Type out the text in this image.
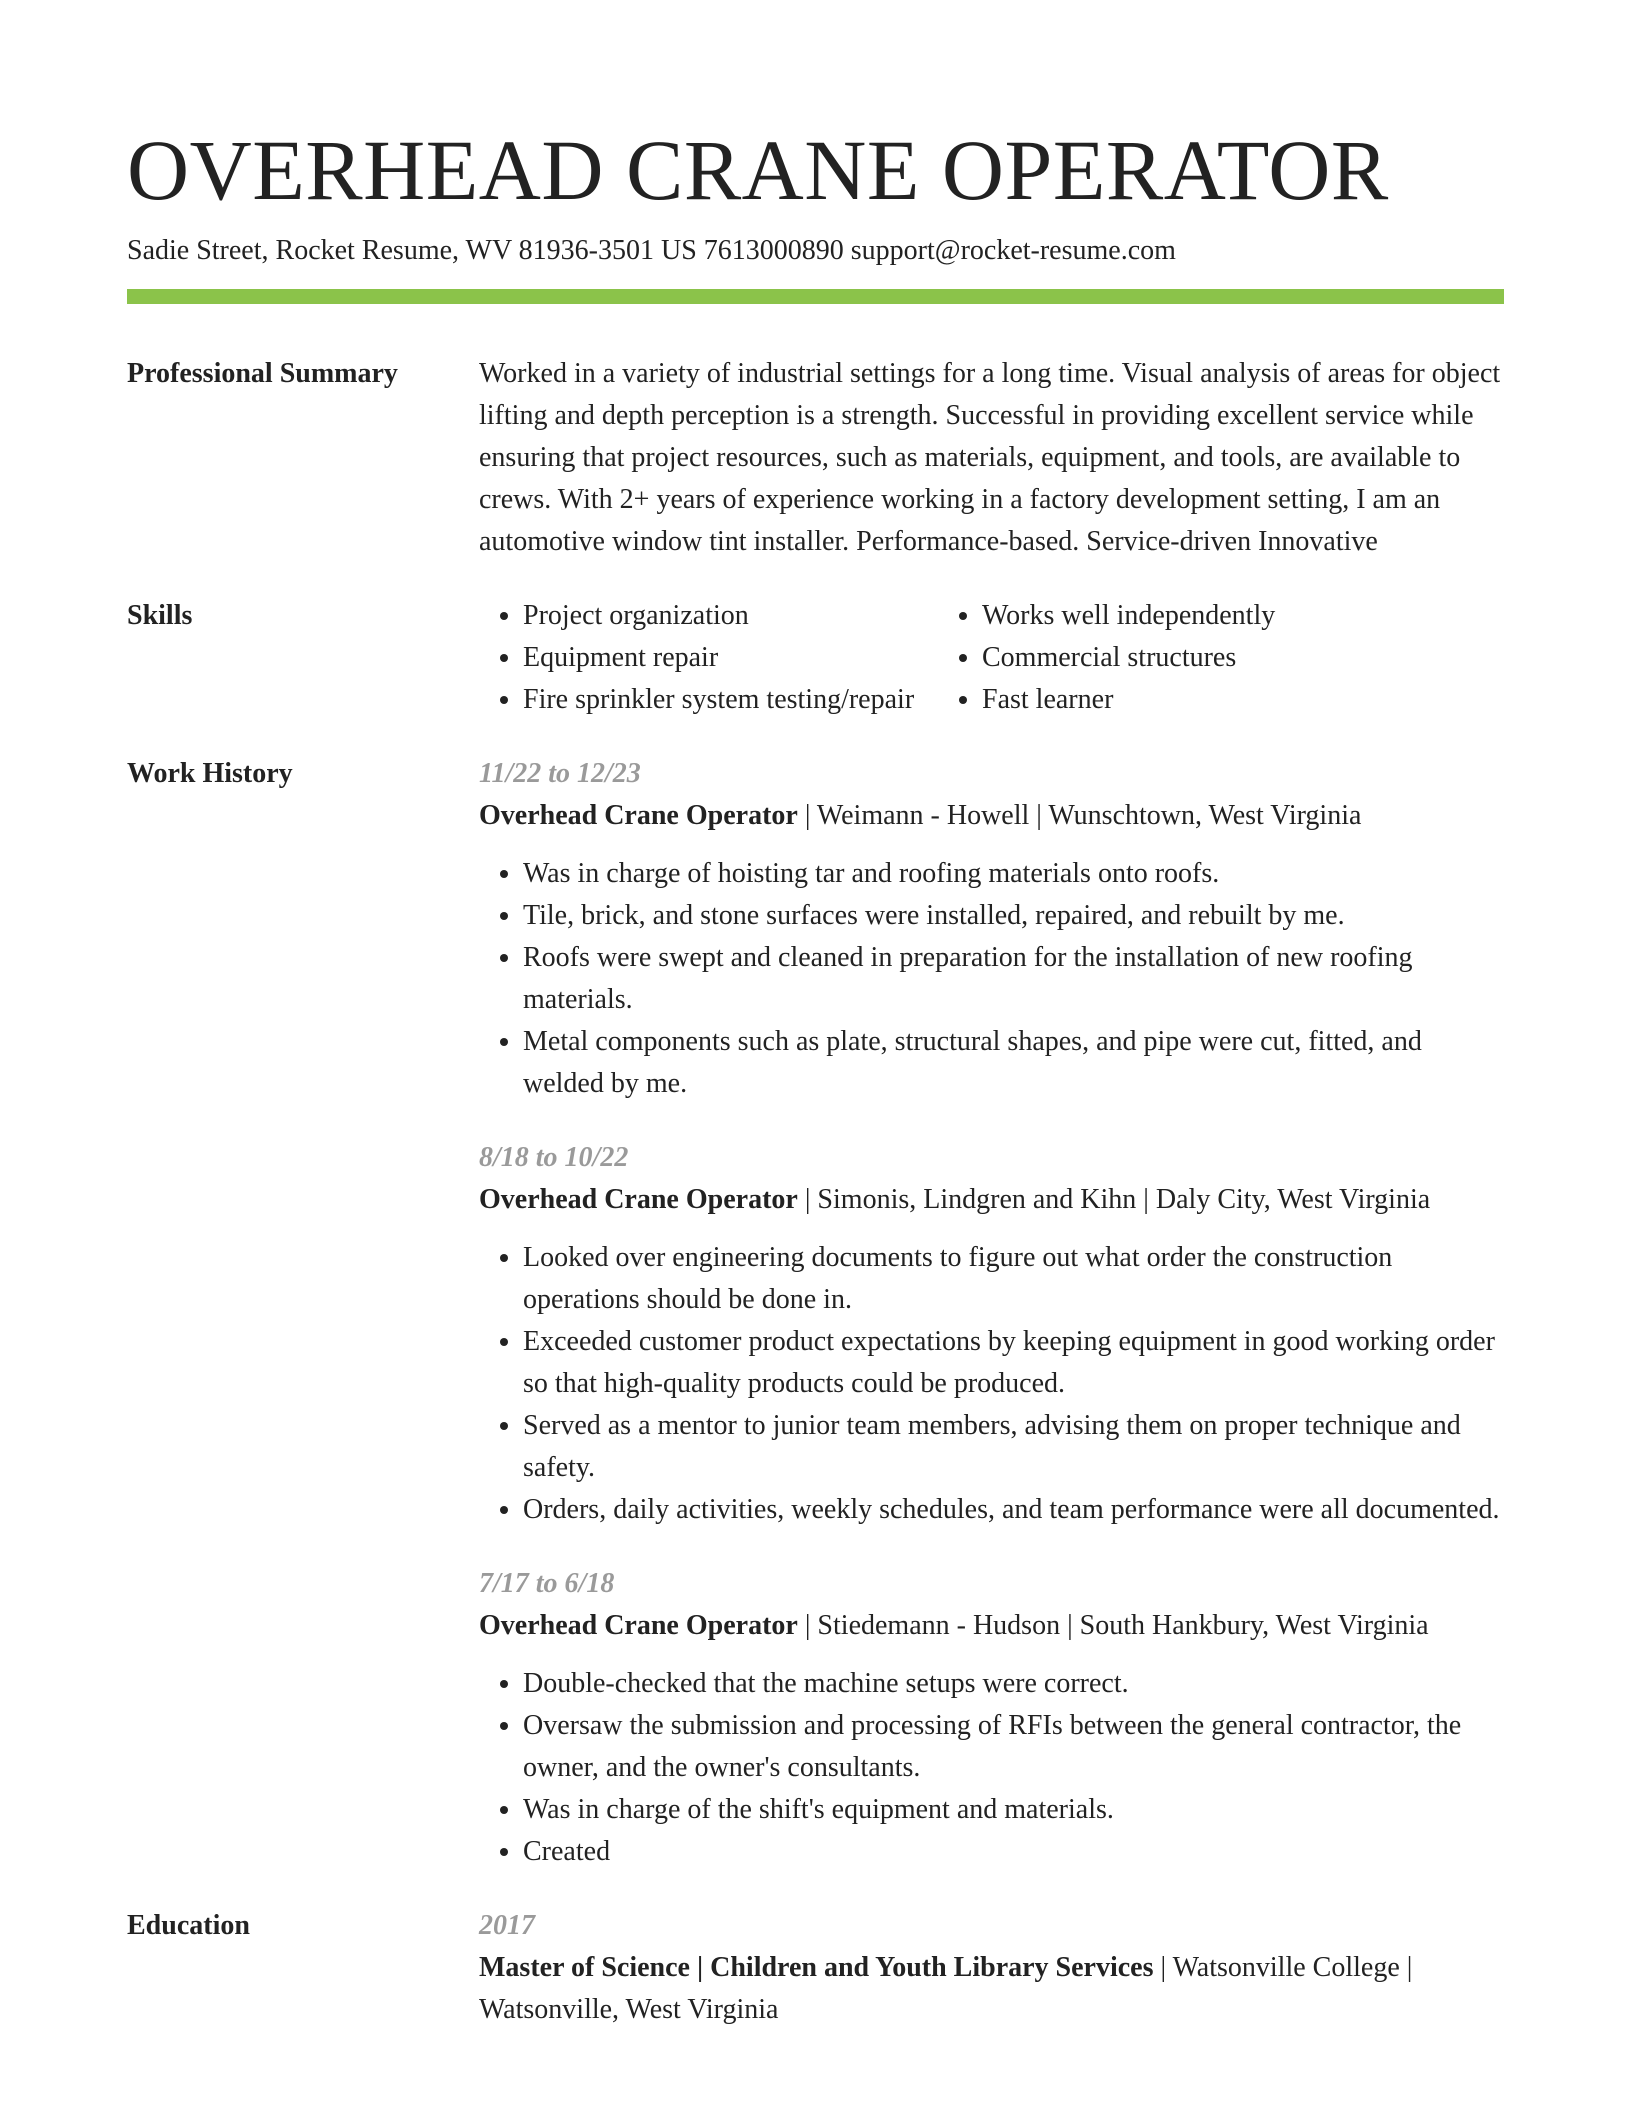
OVERHEAD CRANE OPERATOR
Sadie Street, Rocket Resume, WV 81936-3501 US 7613000890 support@rocket-resume.com
Professional Summary	Worked in a variety of industrial settings for a long time. Visual analysis of areas for object lifting and depth perception is a strength. Successful in providing excellent service while ensuring that project resources, such as materials, equipment, and tools, are available to crews. With 2+ years of experience working in a factory development setting, I am an automotive window tint installer. Performance-based. Service-driven Innovative

Skills
•	Project organization
• Equipment repair
• Fire sprinkler system testing/repair
• Works well independently
• Commercial structures
• Fast learner
Work History	11/22 to 12/23
Overhead Crane Operator | Weimann - Howell | Wunschtown, West Virginia
• Was in charge of hoisting tar and roofing materials onto roofs.
• Tile, brick, and stone surfaces were installed, repaired, and rebuilt by me.
• Roofs were swept and cleaned in preparation for the installation of new roofing materials.
• Metal components such as plate, structural shapes, and pipe were cut, fitted, and welded by me.
8/18 to 10/22
Overhead Crane Operator | Simonis, Lindgren and Kihn | Daly City, West Virginia
• Looked over engineering documents to figure out what order the construction operations should be done in.
• Exceeded customer product expectations by keeping equipment in good working order so that high-quality products could be produced.
• Served as a mentor to junior team members, advising them on proper technique and safety.
• Orders, daily activities, weekly schedules, and team performance were all documented.
7/17 to 6/18
Overhead Crane Operator | Stiedemann - Hudson | South Hankbury, West Virginia
• Double-checked that the machine setups were correct.
• Oversaw the submission and processing of RFIs between the general contractor, the owner, and the owner's consultants.
• Was in charge of the shift's equipment and materials.
• Created
Education	2017
Master of Science | Children and Youth Library Services | Watsonville College | Watsonville, West Virginia
